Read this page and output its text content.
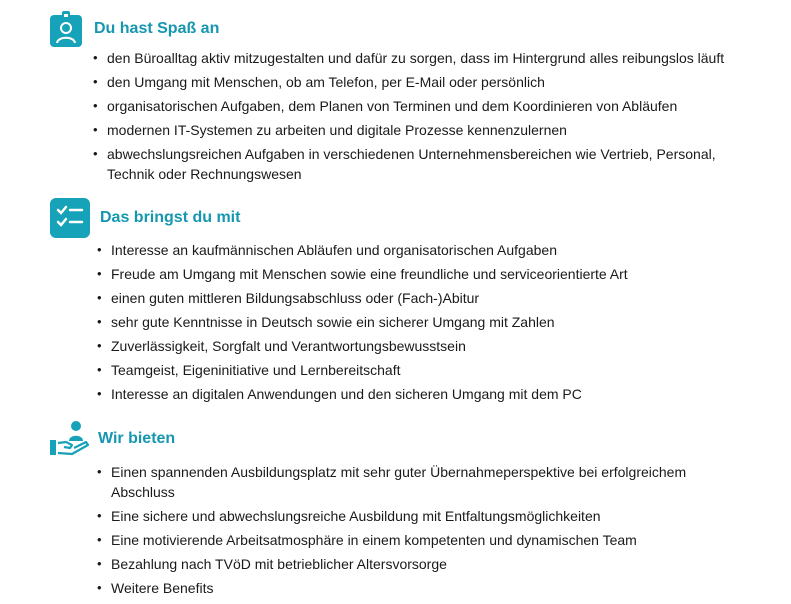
Du hast Spaß an
• den Büroalltag aktiv mitzugestalten und dafür zu sorgen, dass im Hintergrund alles reibungslos läuft
• den Umgang mit Menschen, ob am Telefon, per E-Mail oder persönlich
• organisatorischen Aufgaben, dem Planen von Terminen und dem Koordinieren von Abläufen
• modernen IT-Systemen zu arbeiten und digitale Prozesse kennenzulernen
• abwechslungsreichen Aufgaben in verschiedenen Unternehmensbereichen wie Vertrieb, Personal, Technik oder Rechnungswesen
Das bringst du mit
• Interesse an kaufmännischen Abläufen und organisatorischen Aufgaben
• Freude am Umgang mit Menschen sowie eine freundliche und serviceorientierte Art
• einen guten mittleren Bildungsabschluss oder (Fach-)Abitur
• sehr gute Kenntnisse in Deutsch sowie ein sicherer Umgang mit Zahlen
• Zuverlässigkeit, Sorgfalt und Verantwortungsbewusstsein
• Teamgeist, Eigeninitiative und Lernbereitschaft
• Interesse an digitalen Anwendungen und den sicheren Umgang mit dem PC
Wir bieten
• Einen spannenden Ausbildungsplatz mit sehr guter Übernahmeperspektive bei erfolgreichem Abschluss
• Eine sichere und abwechslungsreiche Ausbildung mit Entfaltungsmöglichkeiten
• Eine motivierende Arbeitsatmosphäre in einem kompetenten und dynamischen Team
• Bezahlung nach TVöD mit betrieblicher Altersvorsorge
• Weitere Benefits
